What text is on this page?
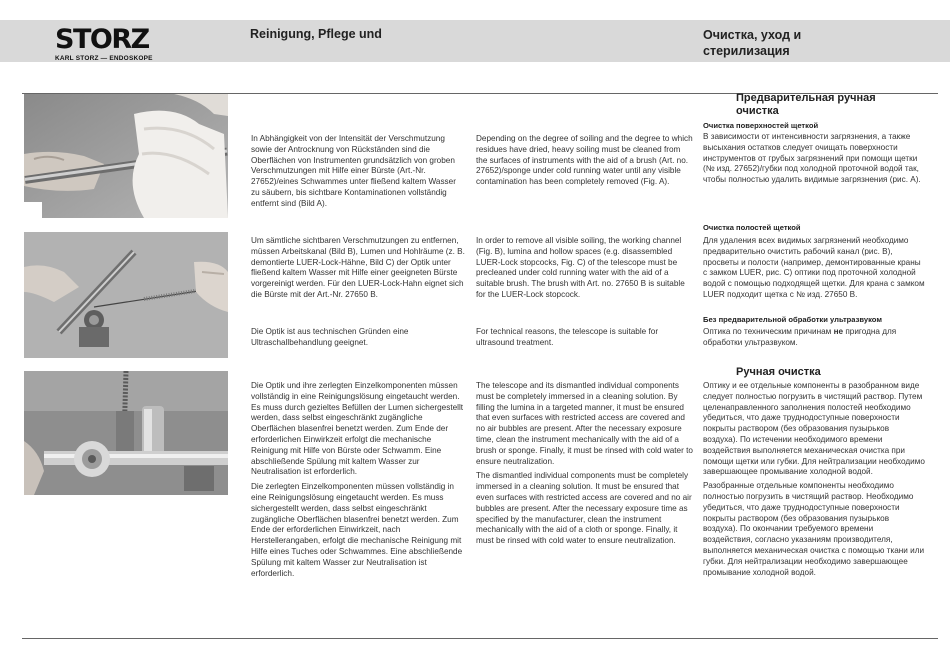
STORZ
KARL STORZ — ENDOSKOPE
Reinigung, Pflege und	Очистка, уход и
стерилизация

In Abhängigkeit von der Intensität der Verschmutzung sowie der Antrocknung von Rückständen sind die Oberflächen von Instrumenten grundsätzlich von groben Verschmutzungen mit Hilfe einer Bürste (Art.-Nr. 27652)/eines Schwammes unter fließend kaltem Wasser zu säubern, bis sichtbare Kontaminationen vollständig entfernt sind (Bild A).

Um sämtliche sichtbaren Verschmutzungen zu entfernen, müssen Arbeitskanal (Bild B), Lumen und Hohlräume (z. B. demontierte LUER-Lock-Hähne, Bild C) der Optik unter fließend kaltem Wasser mit Hilfe einer geeigneten Bürste vorgereinigt werden. Für den LUER-Lock-Hahn eignet sich die Bürste mit der Art.-Nr. 27650 B.

Die Optik ist aus technischen Gründen eine Ultraschallbehandlung geeignet.

Die Optik und ihre zerlegten Einzelkomponenten müssen vollständig in eine Reinigungslösung eingetaucht werden. Es muss durch gezieltes Befüllen der Lumen sichergestellt werden, dass selbst eingeschränkt zugängliche Oberflächen blasenfrei benetzt werden. Zum Ende der erforderlichen Einwirkzeit erfolgt die mechanische Reinigung mit Hilfe von Bürste oder Schwamm. Eine abschließende Spülung mit kaltem Wasser zur Neutralisation ist erforderlich.

Die zerlegten Einzelkomponenten müssen vollständig in eine Reinigungslösung eingetaucht werden. Es muss sichergestellt werden, dass selbst eingeschränkt zugängliche Oberflächen blasenfrei benetzt werden. Zum Ende der erforderlichen Einwirkzeit, nach Herstellerangaben, erfolgt die mechanische Reinigung mit Hilfe eines Tuches oder Schwammes. Eine abschließende Spülung mit kaltem Wasser zur Neutralisation ist erforderlich.

Depending on the degree of soiling and the degree to which residues have dried, heavy soiling must be cleaned from the surfaces of instruments with the aid of a brush (Art. no. 27652)/sponge under cold running water until any visible contamination has been completely removed (Fig. A).

In order to remove all visible soiling, the working channel (Fig. B), lumina and hollow spaces (e.g. disassembled LUER-Lock stopcocks, Fig. C) of the telescope must be precleaned under cold running water with the aid of a suitable brush. The brush with Art. no. 27650 B is suitable for the LUER-Lock stopcock.

For technical reasons, the telescope is suitable for ultrasound treatment.

The telescope and its dismantled individual components must be completely immersed in a cleaning solution. By filling the lumina in a targeted manner, it must be ensured that even surfaces with restricted access are covered and no air bubbles are present. After the necessary exposure time, clean the instrument mechanically with the aid of a brush or sponge. Finally, it must be rinsed with cold water to ensure neutralization.

The dismantled individual components must be completely immersed in a cleaning solution. It must be ensured that even surfaces with restricted access are covered and no air bubbles are present. After the necessary exposure time as specified by the manufacturer, clean the instrument mechanically with the aid of a cloth or sponge. Finally, it must be rinsed with cold water to ensure neutralization.

Предварительная ручная
очистка
Очистка поверхностей щеткой

В зависимости от интенсивности загрязнения, а также высыхания остатков следует очищать поверхности инструментов от грубых загрязнений при помощи щетки (№ изд. 27652)/губки под холодной проточной водой так, чтобы полностью удалить видимые загрязнения (рис. А).

Очистка полостей щеткой

Для удаления всех видимых загрязнений необходимо предварительно очистить рабочий канал (рис. В), просветы и полости (например, демонтированные краны с замком LUER, рис. С) оптики под проточной холодной водой с помощью подходящей щетки. Для крана с замком LUER подходит щетка с № изд. 27650 В.

Без предварительной обработки ультразвуком

Оптика по техническим причинам не пригодна для обработки ультразвуком.

Ручная очистка

Оптику и ее отдельные компоненты в разобранном виде следует полностью погрузить в чистящий раствор. Путем целенаправленного заполнения полостей необходимо убедиться, что даже труднодоступные поверхности покрыты раствором (без образования пузырьков воздуха). По истечении необходимого времени воздействия выполняется механическая очистка при помощи щетки или губки. Для нейтрализации необходимо завершающее промывание холодной водой.

Разобранные отдельные компоненты необходимо полностью погрузить в чистящий раствор. Необходимо убедиться, что даже труднодоступные поверхности покрыты раствором (без образования пузырьков воздуха). По окончании требуемого времени воздействия, согласно указаниям производителя, выполняется механическая очистка с помощью ткани или губки. Для нейтрализации необходимо завершающее промывание холодной водой.
